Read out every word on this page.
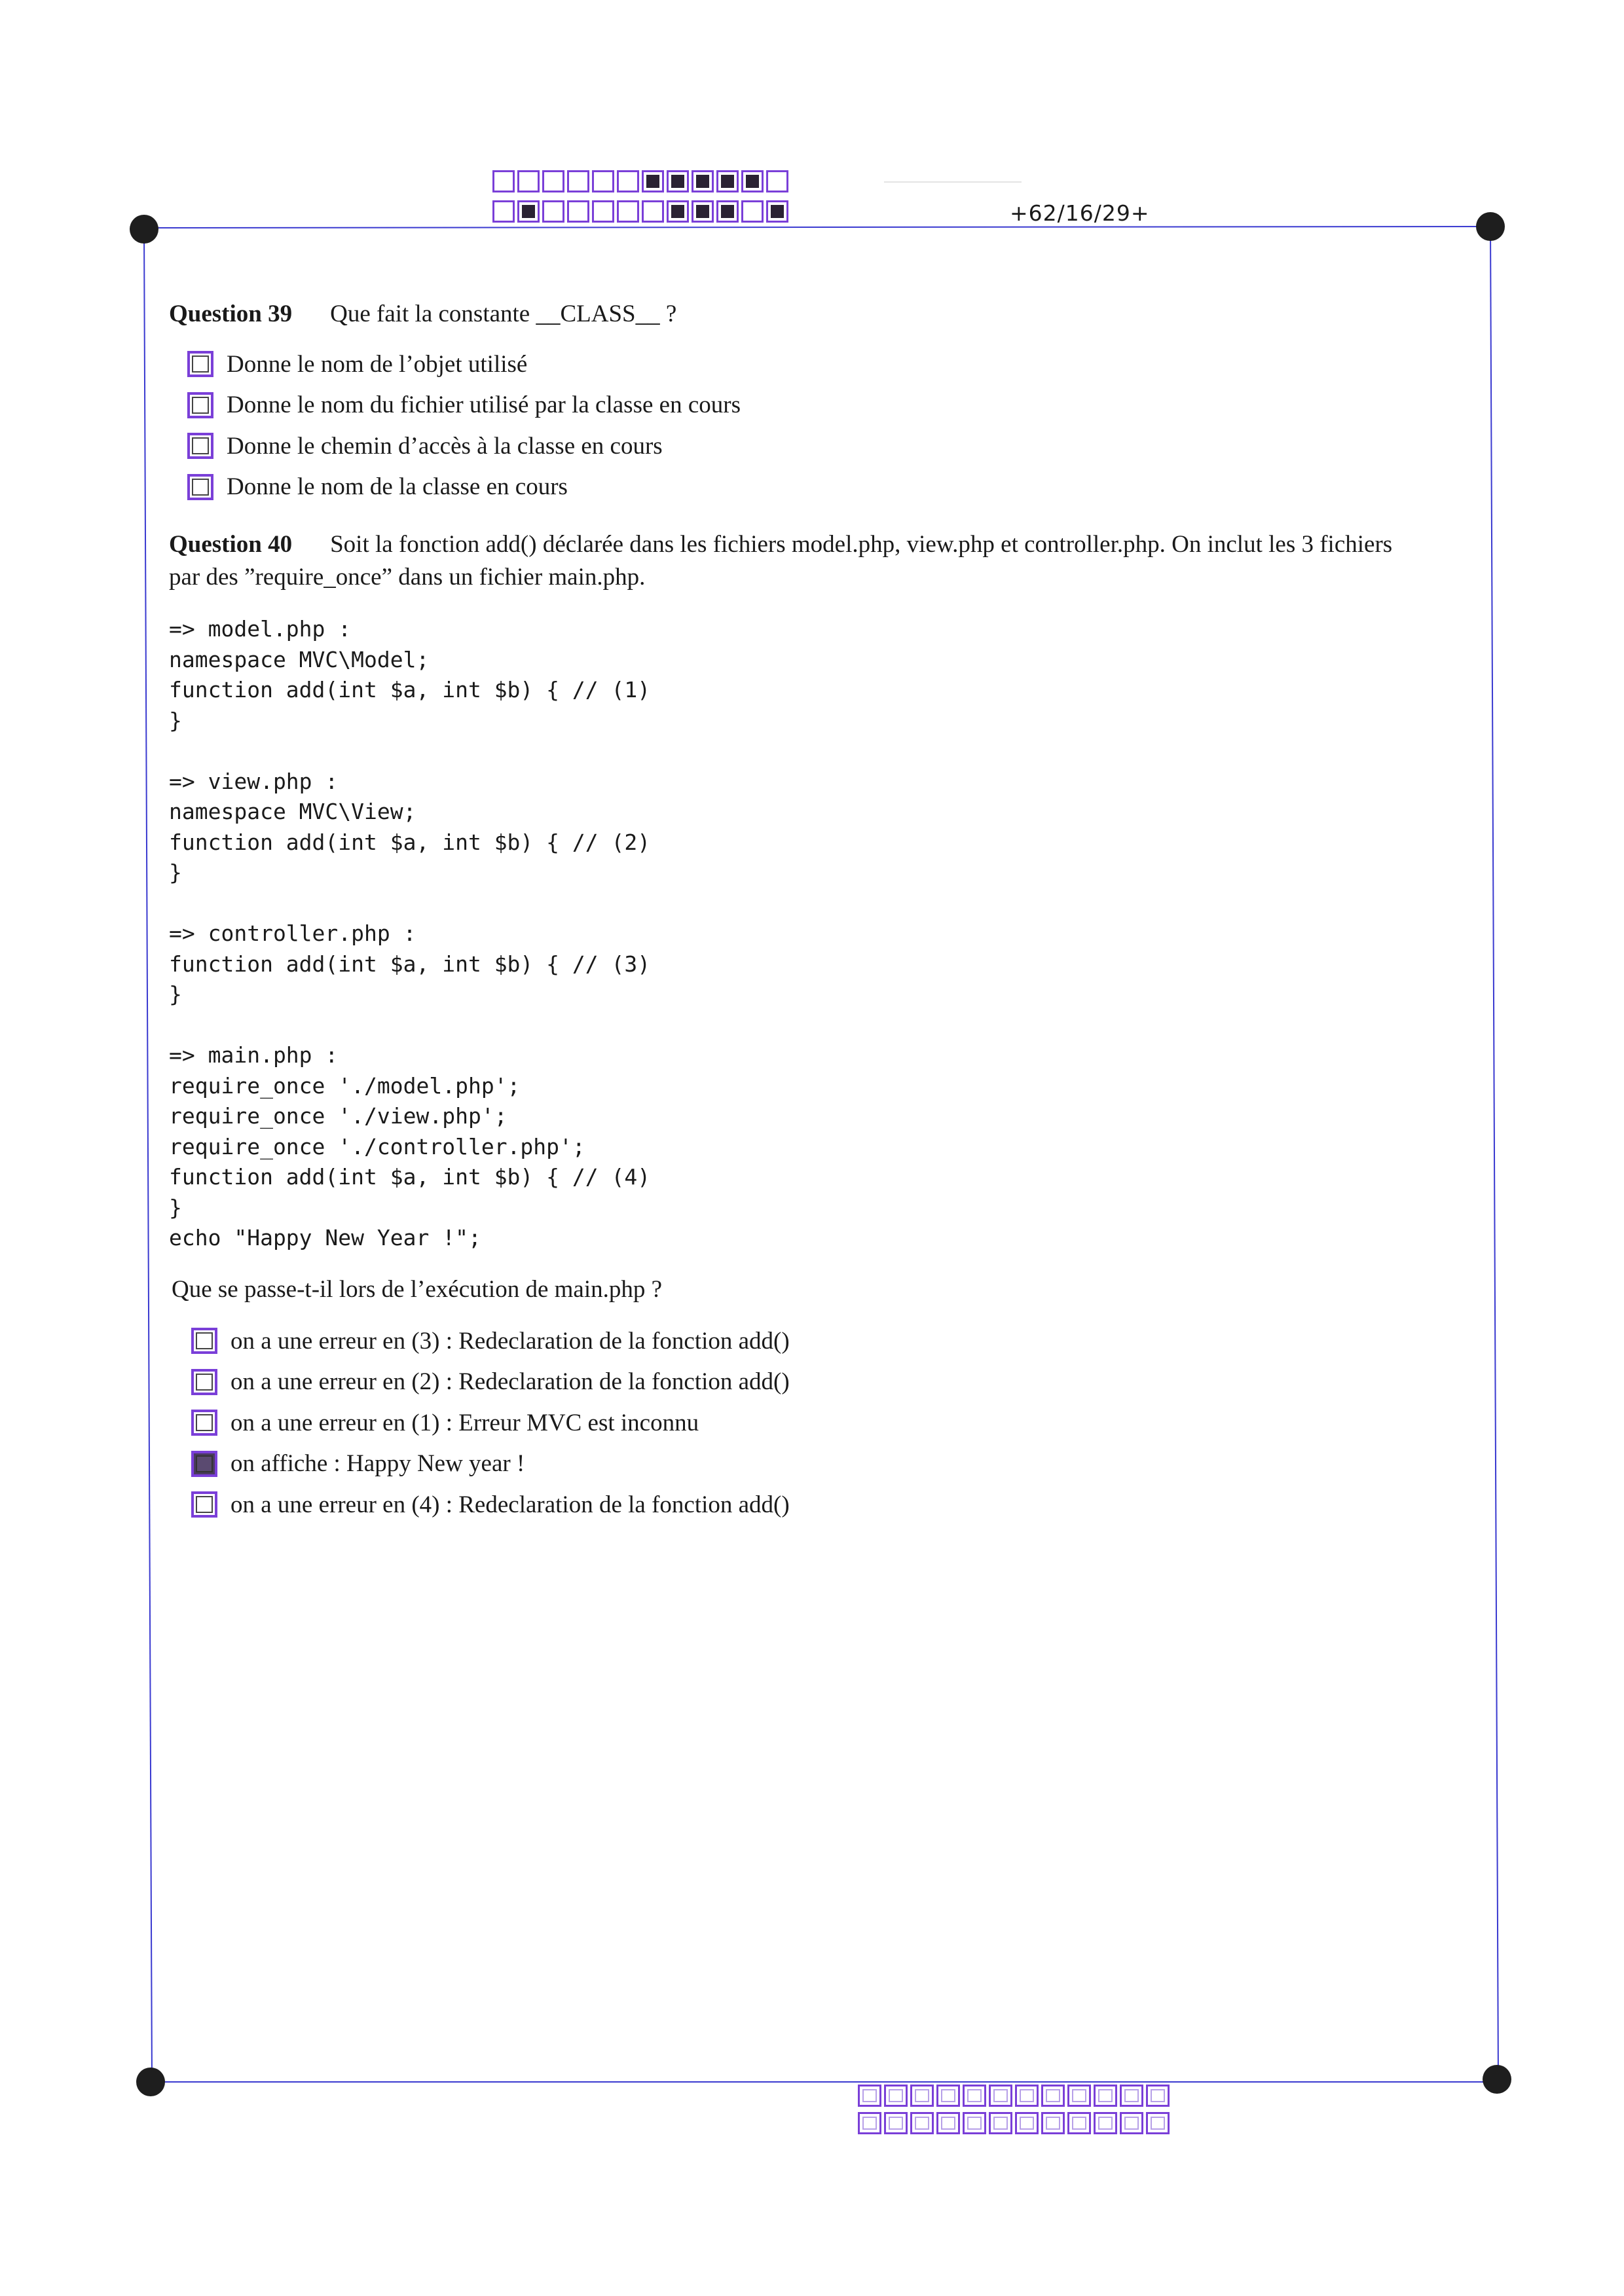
+62/16/29+
Question 39 Que fait la constante __CLASS__ ?
Donne le nom de l’objet utilisé
Donne le nom du fichier utilisé par la classe en cours
Donne le chemin d’accès à la classe en cours
Donne le nom de la classe en cours
Question 40 Soit la fonction add() déclarée dans les fichiers model.php, view.php et controller.php. On inclut les 3 fichiers
par des ”require_once” dans un fichier main.php.
=> model.php :
namespace MVC\Model;
function add(int $a, int $b) { // (1)
}

=> view.php :
namespace MVC\View;
function add(int $a, int $b) { // (2)
}

=> controller.php :
function add(int $a, int $b) { // (3)
}

=> main.php :
require_once './model.php';
require_once './view.php';
require_once './controller.php';
function add(int $a, int $b) { // (4)
}
echo "Happy New Year !";
Que se passe-t-il lors de l’exécution de main.php ?
on a une erreur en (3) : Redeclaration de la fonction add()
on a une erreur en (2) : Redeclaration de la fonction add()
on a une erreur en (1) : Erreur MVC est inconnu
on affiche : Happy New year !
on a une erreur en (4) : Redeclaration de la fonction add()
